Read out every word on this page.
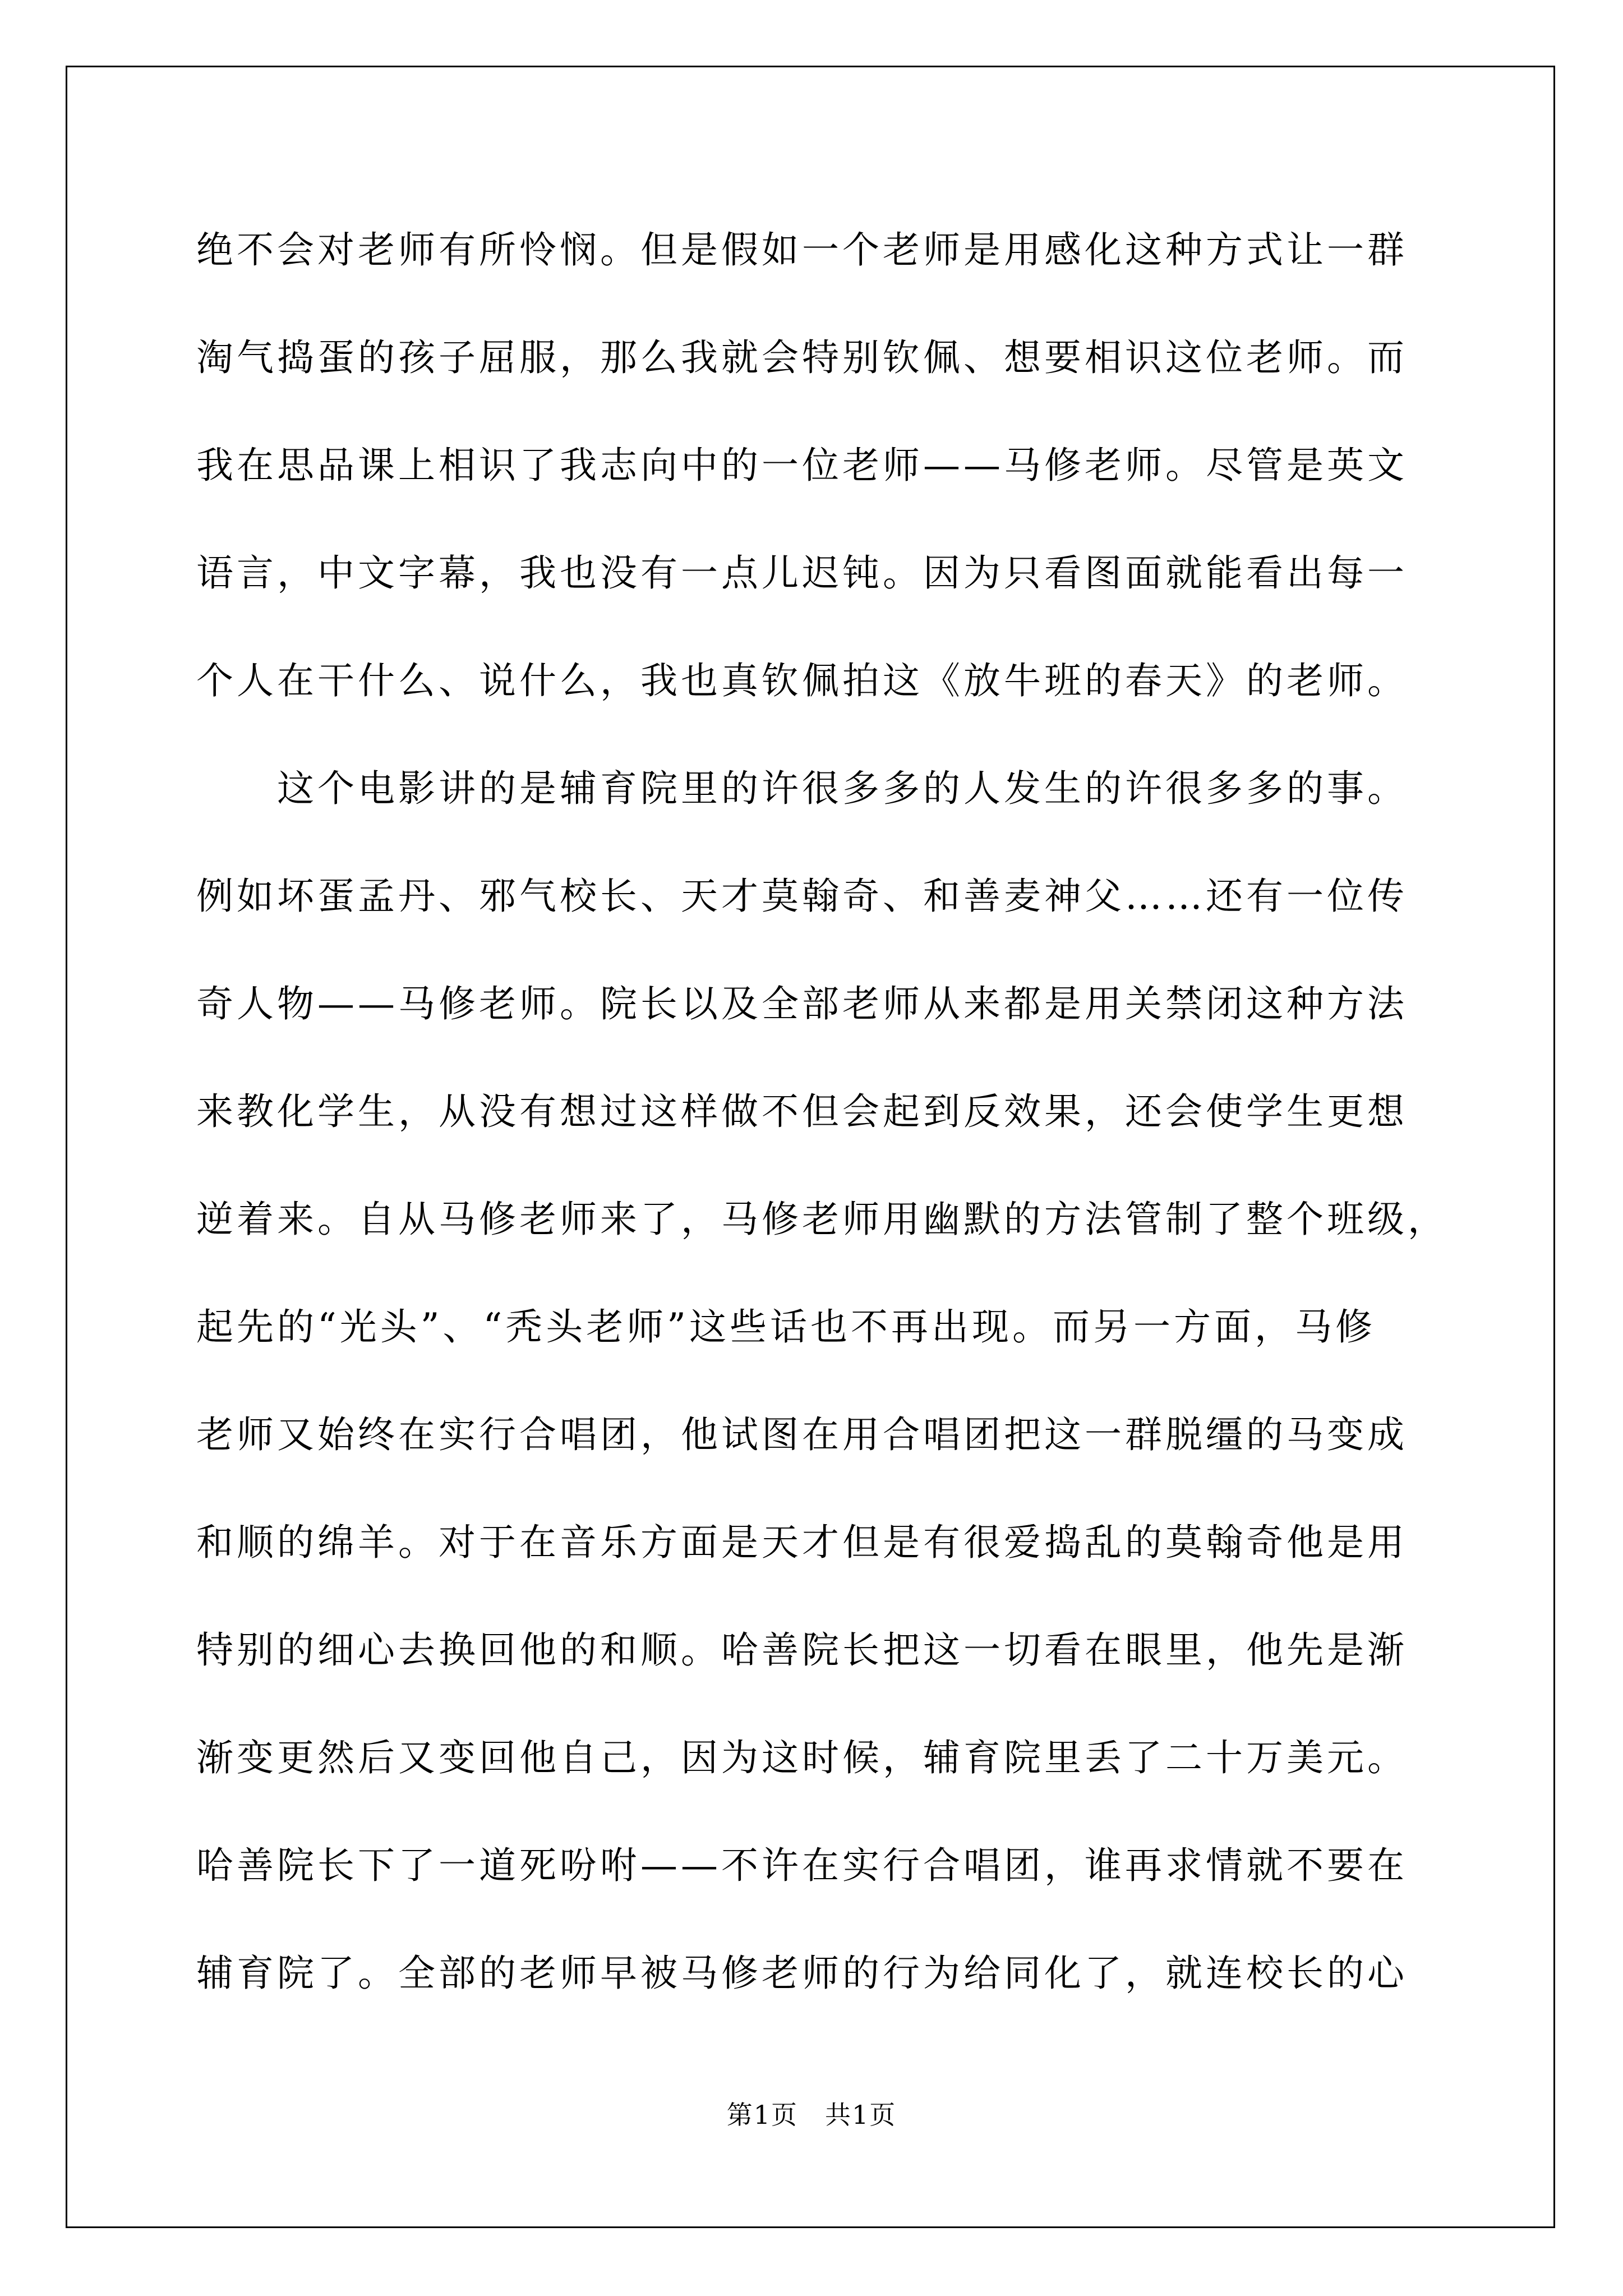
绝不会对老师有所怜悯。但是假如一个老师是用感化这种方式让一群
淘气捣蛋的孩子屈服，那么我就会特别钦佩、想要相识这位老师。而
我在思品课上相识了我志向中的一位老师——马修老师。尽管是英文
语言，中文字幕，我也没有一点儿迟钝。因为只看图面就能看出每一
个人在干什么、说什么，我也真钦佩拍这《放牛班的春天》的老师。
　　这个电影讲的是辅育院里的许很多多的人发生的许很多多的事。
例如坏蛋孟丹、邪气校长、天才莫翰奇、和善麦神父……还有一位传
奇人物——马修老师。院长以及全部老师从来都是用关禁闭这种方法
来教化学生，从没有想过这样做不但会起到反效果，还会使学生更想
逆着来。自从马修老师来了，马修老师用幽默的方法管制了整个班级，
起先的“光头”、“秃头老师”这些话也不再出现。而另一方面，马修
老师又始终在实行合唱团，他试图在用合唱团把这一群脱缰的马变成
和顺的绵羊。对于在音乐方面是天才但是有很爱捣乱的莫翰奇他是用
特别的细心去换回他的和顺。哈善院长把这一切看在眼里，他先是渐
渐变更然后又变回他自己，因为这时候，辅育院里丢了二十万美元。
哈善院长下了一道死吩咐——不许在实行合唱团，谁再求情就不要在
辅育院了。全部的老师早被马修老师的行为给同化了，就连校长的心
第1页　共1页
